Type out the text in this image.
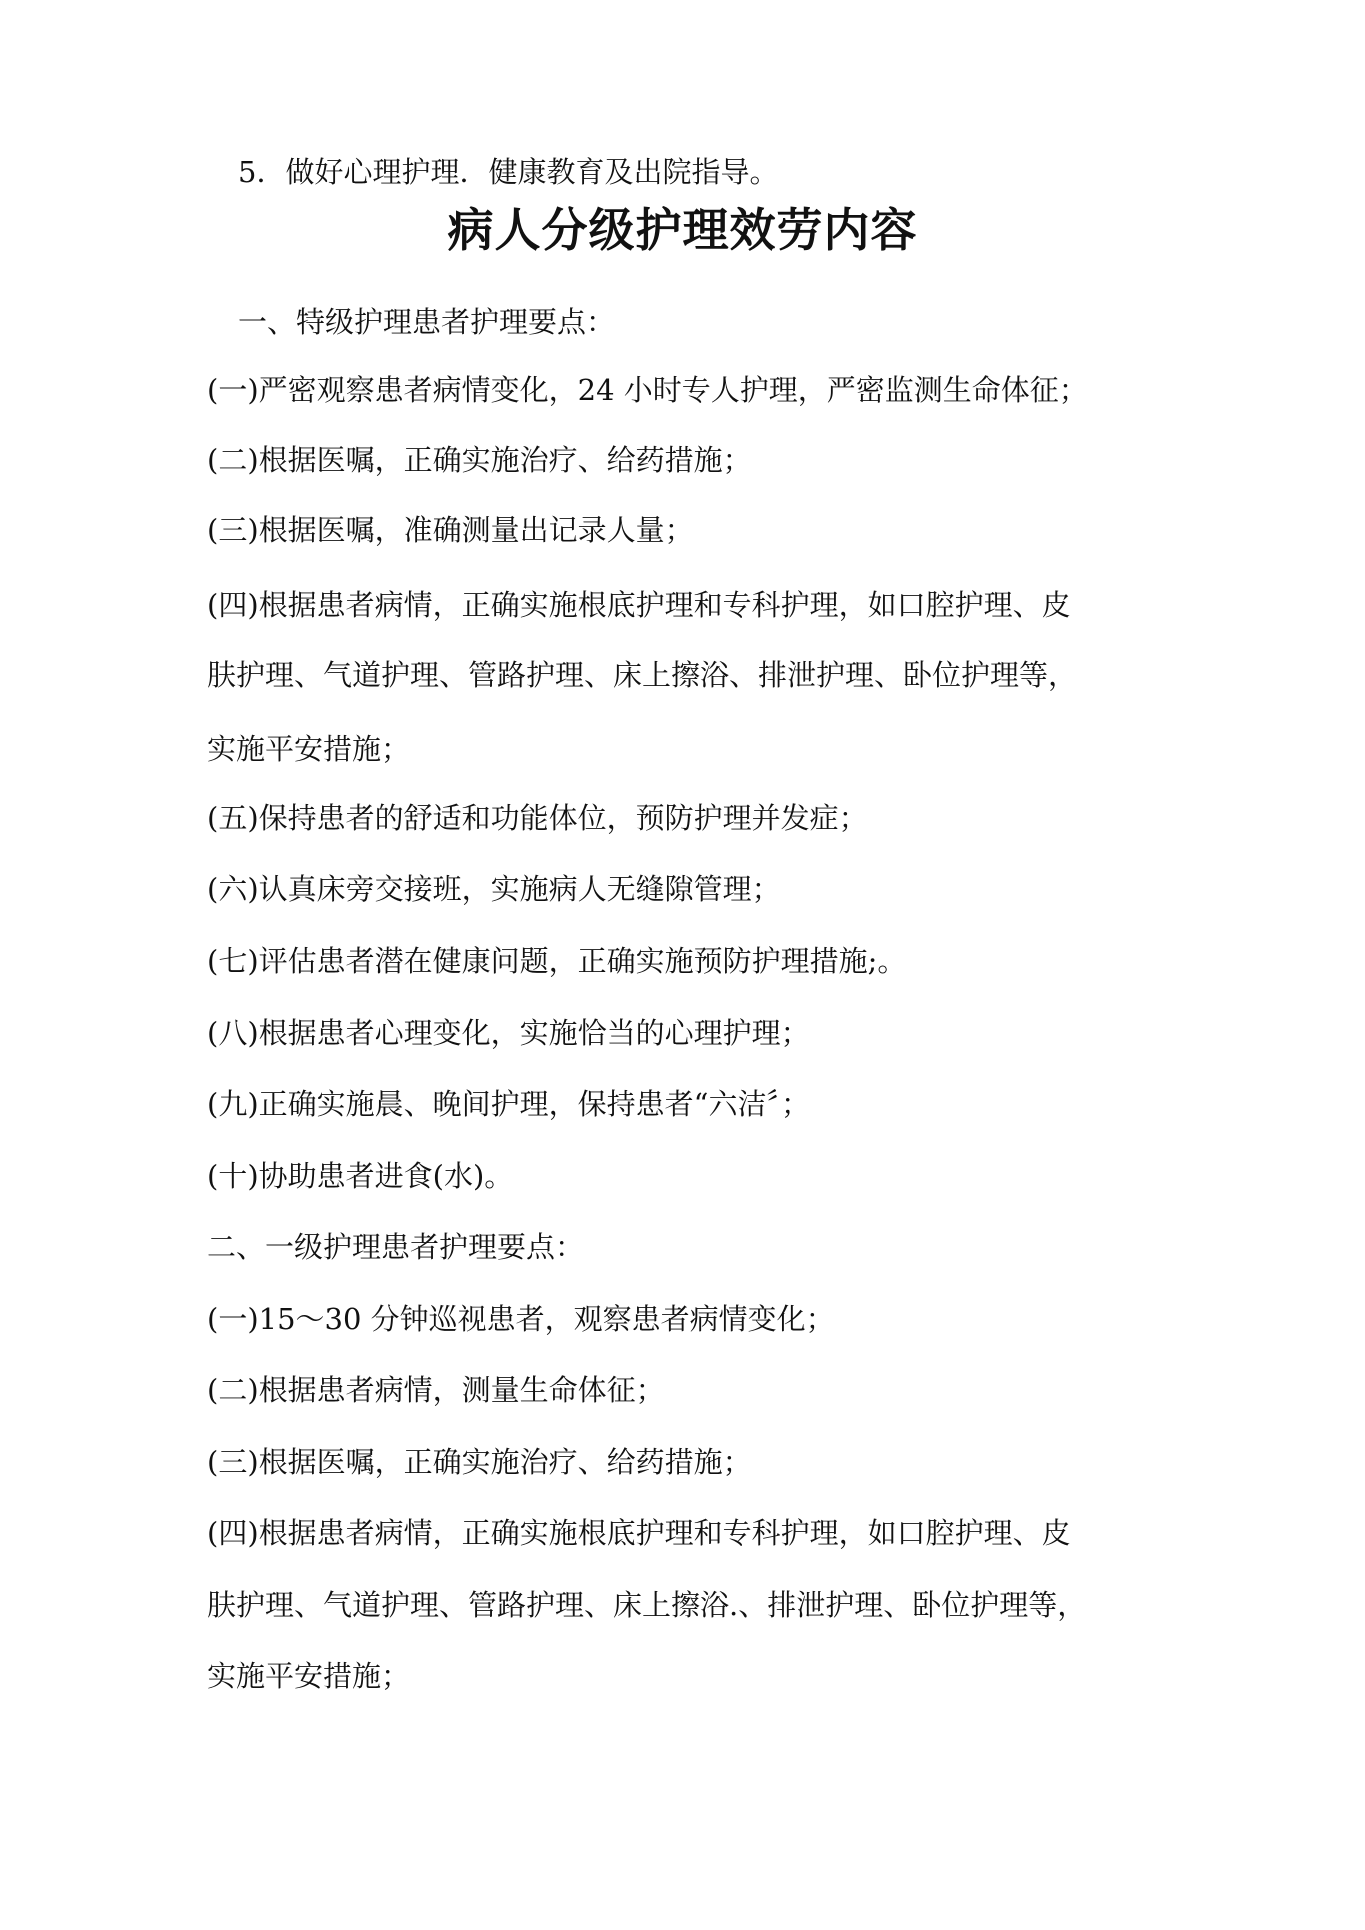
5．做好心理护理．健康教育及出院指导。
病人分级护理效劳内容
一、特级护理患者护理要点：
(一)严密观察患者病情变化，24 小时专人护理，严密监测生命体征；
(二)根据医嘱，正确实施治疗、给药措施；
(三)根据医嘱，准确测量出记录人量；
(四)根据患者病情，正确实施根底护理和专科护理，如口腔护理、皮
肤护理、气道护理、管路护理、床上擦浴、排泄护理、卧位护理等，
实施平安措施；
(五)保持患者的舒适和功能体位，预防护理并发症；
(六)认真床旁交接班，实施病人无缝隙管理；
(七)评估患者潜在健康问题，正确实施预防护理措施;。
(八)根据患者心理变化，实施恰当的心理护理；
(九)正确实施晨、晚间护理，保持患者“六洁〞；
(十)协助患者进食(水)。
二、一级护理患者护理要点：
(一)15～30 分钟巡视患者，观察患者病情变化；
(二)根据患者病情，测量生命体征；
(三)根据医嘱，正确实施治疗、给药措施；
(四)根据患者病情，正确实施根底护理和专科护理，如口腔护理、皮
肤护理、气道护理、管路护理、床上擦浴.、排泄护理、卧位护理等，
实施平安措施；
